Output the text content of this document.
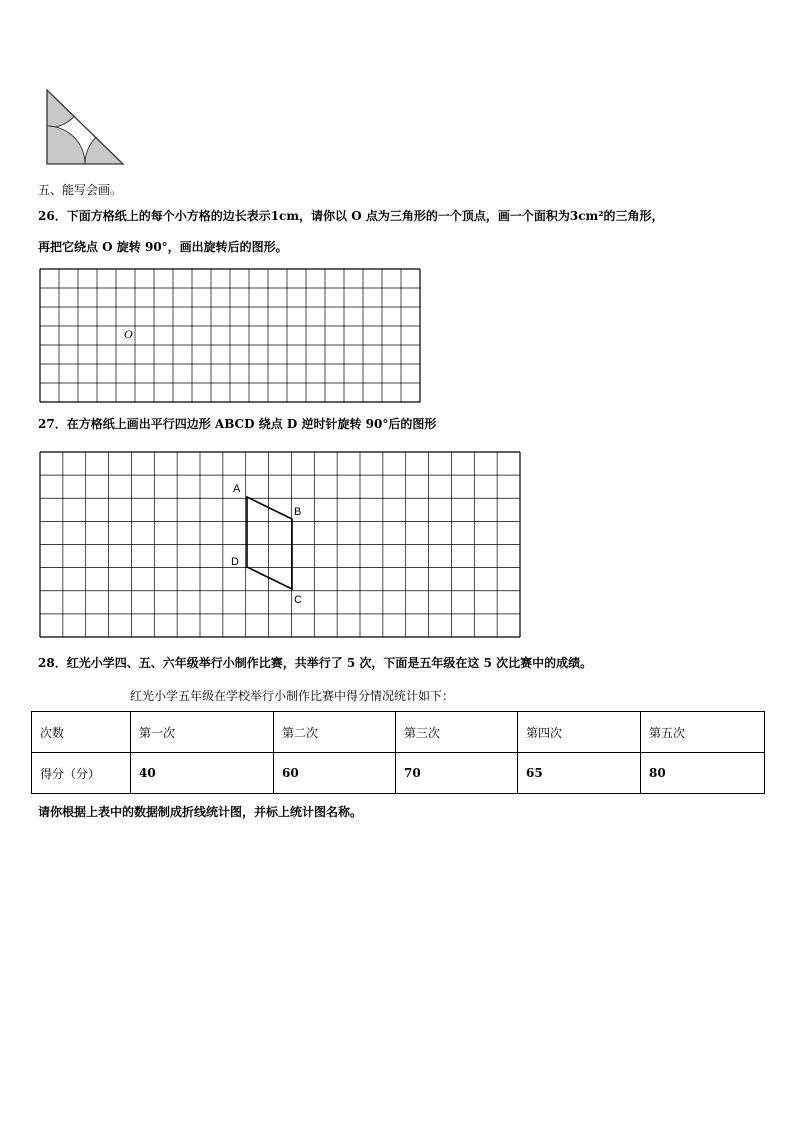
五、能写会画。
26．下面方格纸上的每个小方格的边长表示1cm，请你以 O 点为三角形的一个顶点，画一个面积为3cm²的三角形，
再把它绕点 O 旋转 90°，画出旋转后的图形。
O
27．在方格纸上画出平行四边形 ABCD 绕点 D 逆时针旋转 90°后的图形
A
B
C
D
28．红光小学四、五、六年级举行小制作比赛，共举行了 5 次，下面是五年级在这 5 次比赛中的成绩。
红光小学五年级在学校举行小制作比赛中得分情况统计如下：
次数	第一次	第二次	第三次	第四次	第五次
得分（分）	40	60	70	65	80
请你根据上表中的数据制成折线统计图，并标上统计图名称。
